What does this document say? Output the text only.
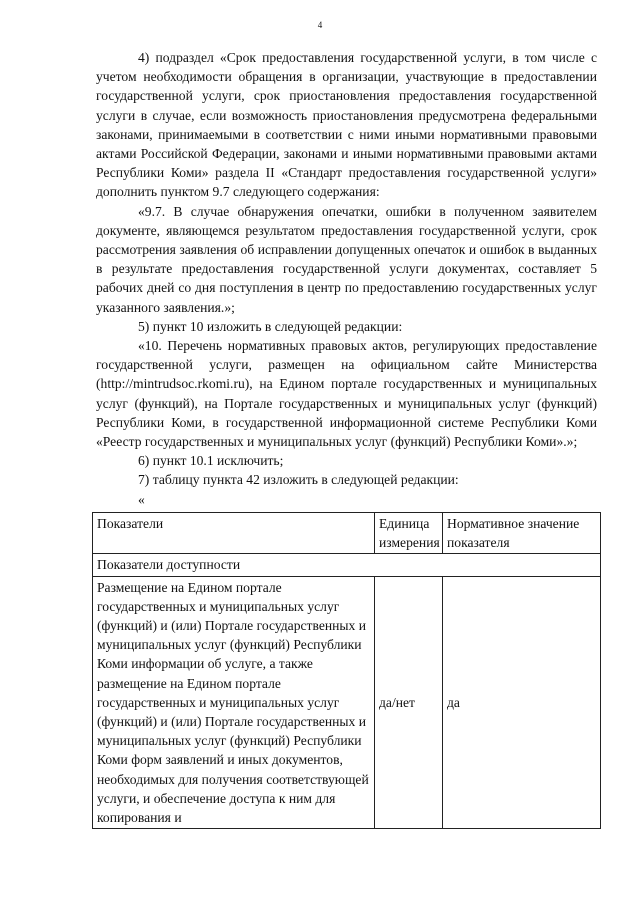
4

4) подраздел «Срок предоставления государственной услуги, в том числе с учетом необходимости обращения в организации, участвующие в предоставлении государственной услуги, срок приостановления предоставления государственной услуги в случае, если возможность приостановления предусмотрена федеральными законами, принимаемыми в соответствии с ними иными нормативными правовыми актами Российской Федерации, законами и иными нормативными правовыми актами Республики Коми» раздела II «Стандарт предоставления государственной услуги» дополнить пунктом 9.7 следующего содержания:

«9.7. В случае обнаружения опечатки, ошибки в полученном заявителем документе, являющемся результатом предоставления государственной услуги, срок рассмотрения заявления об исправлении допущенных опечаток и ошибок в выданных в результате предоставления государственной услуги документах, составляет 5 рабочих дней со дня поступления в центр по предоставлению государственных услуг указанного заявления.»;

5) пункт 10 изложить в следующей редакции:

«10. Перечень нормативных правовых актов, регулирующих предоставление государственной услуги, размещен на официальном сайте Министерства (http://mintrudsoc.rkomi.ru), на Едином портале государственных и муниципальных услуг (функций), на Портале государственных и муниципальных услуг (функций) Республики Коми, в государственной информационной системе Республики Коми «Реестр государственных и муниципальных услуг (функций) Республики Коми».»;

6) пункт 10.1 исключить;

7) таблицу пункта 42 изложить в следующей редакции:

«

Показатели	Единица измерения	Нормативное значение показателя
Показатели доступности		
Размещение на Едином портале государственных и муниципальных услуг (функций) и (или) Портале государственных и муниципальных услуг (функций) Республики Коми информации об услуге, а также размещение на Едином портале государственных и муниципальных услуг (функций) и (или) Портале государственных и муниципальных услуг (функций) Республики Коми форм заявлений и иных документов, необходимых для получения соответствующей услуги, и обеспечение доступа к ним для копирования и	да/нет	да
